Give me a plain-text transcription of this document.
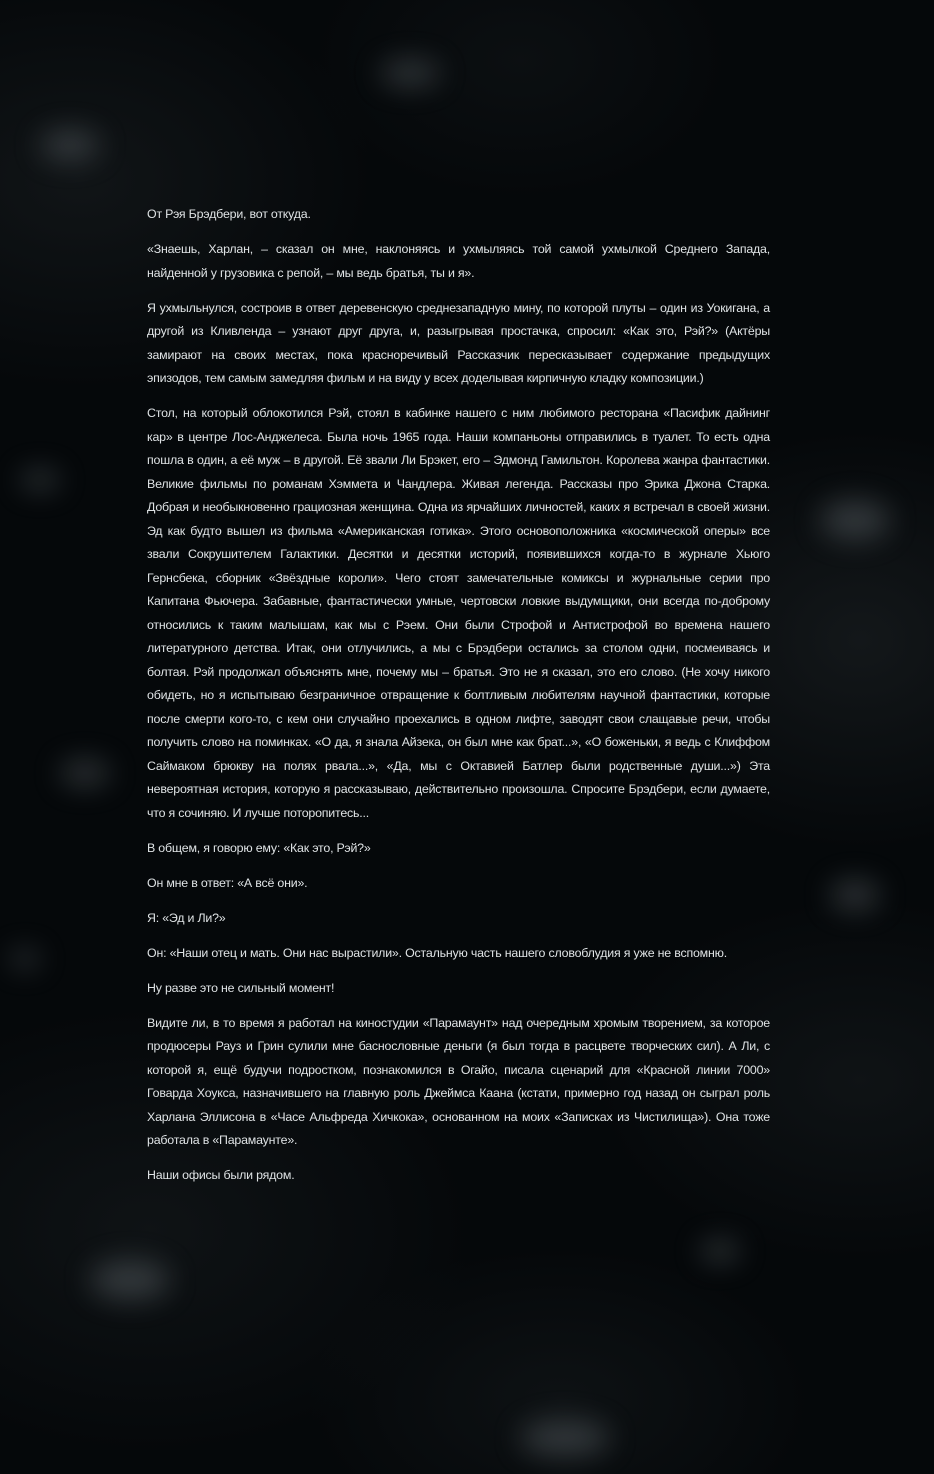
От Рэя Брэдбери, вот откуда.

«Знаешь, Харлан, – сказал он мне, наклоняясь и ухмыляясь той самой ухмылкой Среднего Запада, найденной у грузовика с репой, – мы ведь братья, ты и я».

Я ухмыльнулся, состроив в ответ деревенскую среднезападную мину, по которой плуты – один из Уокигана, а другой из Кливленда – узнают друг друга, и, разыгрывая простачка, спросил: «Как это, Рэй?» (Актёры замирают на своих местах, пока красноречивый Рассказчик пересказывает содержание предыдущих эпизодов, тем самым замедляя фильм и на виду у всех доделывая кирпичную кладку композиции.)

Стол, на который облокотился Рэй, стоял в кабинке нашего с ним любимого ресторана «Пасифик дайнинг кар» в центре Лос-Анджелеса. Была ночь 1965 года. Наши компаньоны отправились в туалет. То есть одна пошла в один, а её муж – в другой. Её звали Ли Брэкет, его – Эдмонд Гамильтон. Королева жанра фантастики. Великие фильмы по романам Хэммета и Чандлера. Живая легенда. Рассказы про Эрика Джона Старка. Добрая и необыкновенно грациозная женщина. Одна из ярчайших личностей, каких я встречал в своей жизни. Эд как будто вышел из фильма «Американская готика». Этого основоположника «космической оперы» все звали Сокрушителем Галактики. Десятки и десятки историй, появившихся когда-то в журнале Хьюго Гернсбека, сборник «Звёздные короли». Чего стоят замечательные комиксы и журнальные серии про Капитана Фьючера. Забавные, фантастически умные, чертовски ловкие выдумщики, они всегда по-доброму относились к таким малышам, как мы с Рэем. Они были Строфой и Антистрофой во времена нашего литературного детства. Итак, они отлучились, а мы с Брэдбери остались за столом одни, посмеиваясь и болтая. Рэй продолжал объяснять мне, почему мы – братья. Это не я сказал, это его слово. (Не хочу никого обидеть, но я испытываю безграничное отвращение к болтливым любителям научной фантастики, которые после смерти кого-то, с кем они случайно проехались в одном лифте, заводят свои слащавые речи, чтобы получить слово на поминках. «О да, я знала Айзека, он был мне как брат...», «О боженьки, я ведь с Клиффом Саймаком брюкву на полях рвала...», «Да, мы с Октавией Батлер были родственные души...») Эта невероятная история, которую я рассказываю, действительно произошла. Спросите Брэдбери, если думаете, что я сочиняю. И лучше поторопитесь...

В общем, я говорю ему: «Как это, Рэй?»

Он мне в ответ: «А всё они».

Я: «Эд и Ли?»

Он: «Наши отец и мать. Они нас вырастили». Остальную часть нашего словоблудия я уже не вспомню.

Ну разве это не сильный момент!

Видите ли, в то время я работал на киностудии «Парамаунт» над очередным хромым творением, за которое продюсеры Рауз и Грин сулили мне баснословные деньги (я был тогда в расцвете творческих сил). А Ли, с которой я, ещё будучи подростком, познакомился в Огайо, писала сценарий для «Красной линии 7000» Говарда Хоукса, назначившего на главную роль Джеймса Каана (кстати, примерно год назад он сыграл роль Харлана Эллисона в «Часе Альфреда Хичкока», основанном на моих «Записках из Чистилища»). Она тоже работала в «Парамаунте».

Наши офисы были рядом.
